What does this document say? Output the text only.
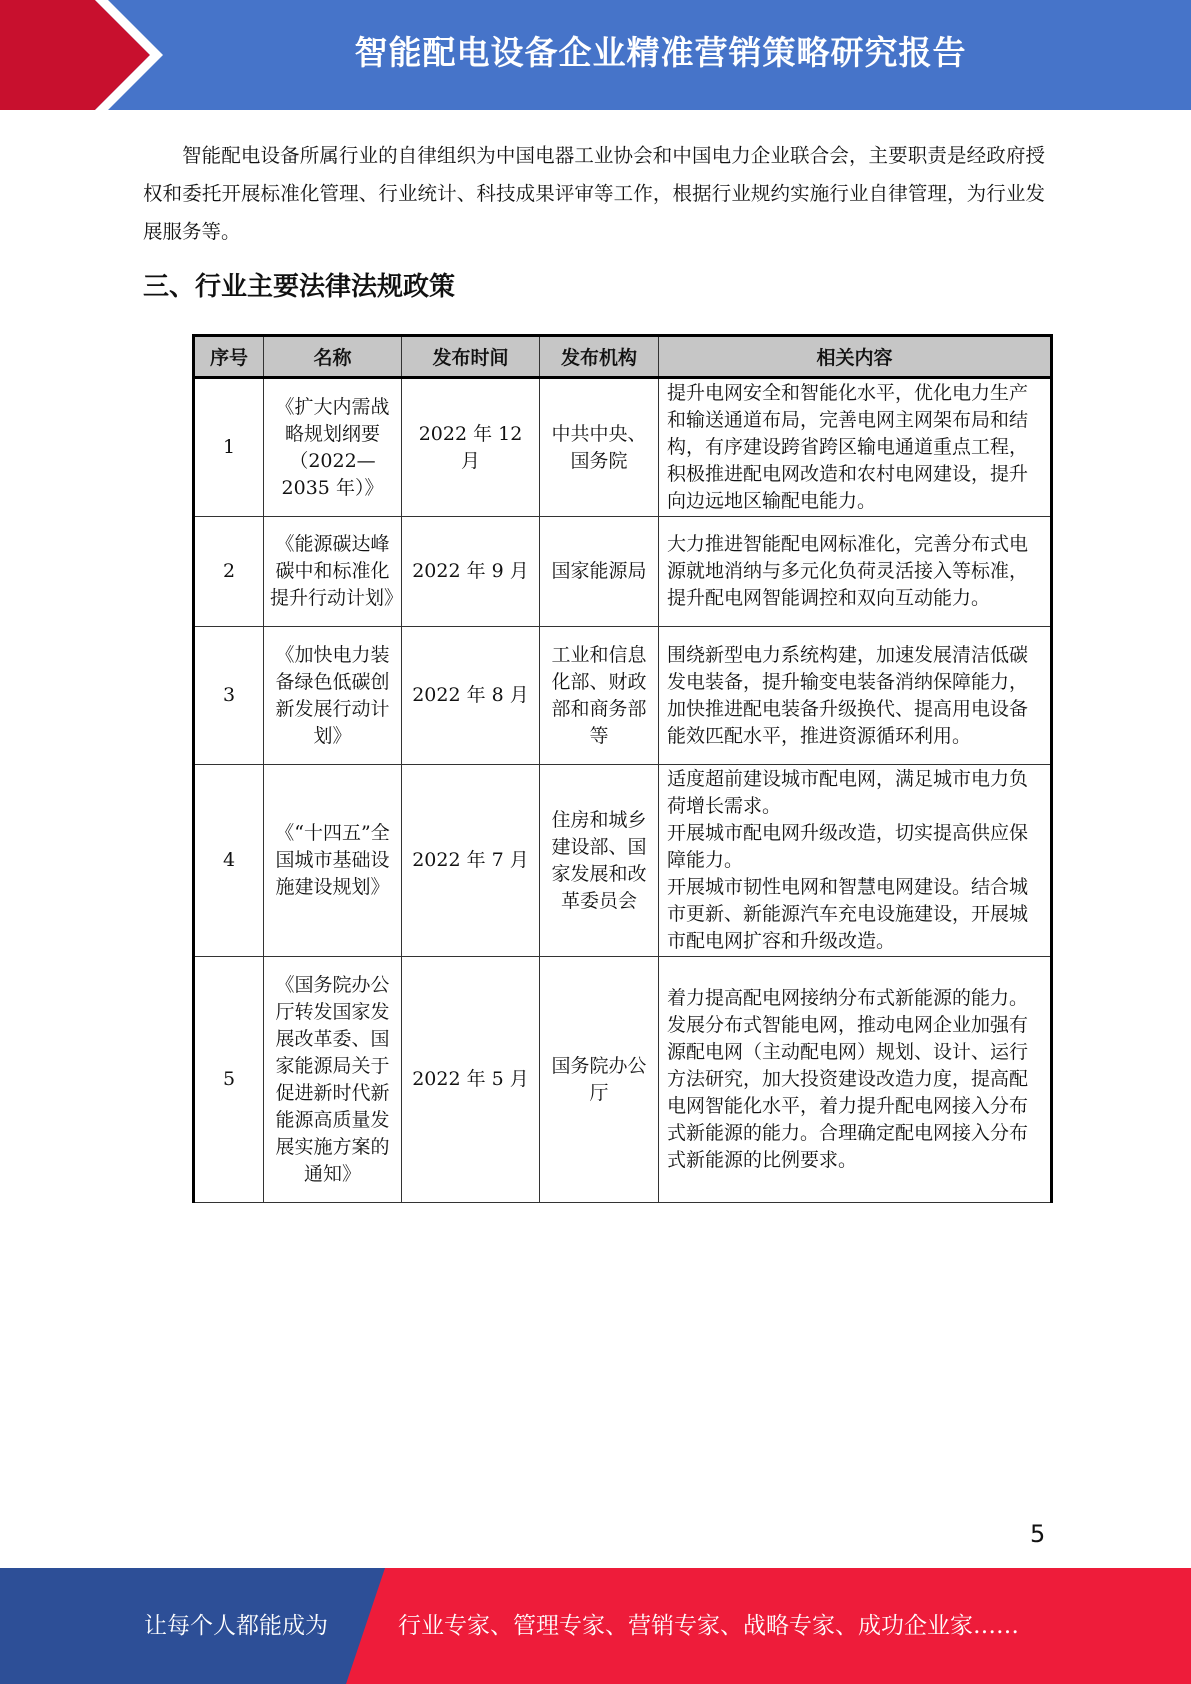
智能配电设备企业精准营销策略研究报告

智能配电设备所属行业的自律组织为中国电器工业协会和中国电力企业联合会，主要职责是经政府授权和委托开展标准化管理、行业统计、科技成果评审等工作，根据行业规约实施行业自律管理，为行业发展服务等。

三、行业主要法律法规政策
序号	名称	发布时间	发布机构	相关内容
1	《扩大内需战略规划纲要（2022—2035 年）》	2022 年 12 月	中共中央、国务院	提升电网安全和智能化水平，优化电力生产和输送通道布局，完善电网主网架布局和结构，有序建设跨省跨区输电通道重点工程，积极推进配电网改造和农村电网建设，提升向边远地区输配电能力。

2	《能源碳达峰碳中和标准化提升行动计划》	2022 年 9 月	国家能源局	大力推进智能配电网标准化，完善分布式电源就地消纳与多元化负荷灵活接入等标准，提升配电网智能调控和双向互动能力。

3	《加快电力装备绿色低碳创新发展行动计划》	2022 年 8 月	工业和信息化部、财政部和商务部等	围绕新型电力系统构建，加速发展清洁低碳发电装备，提升输变电装备消纳保障能力，加快推进配电装备升级换代、提高用电设备能效匹配水平，推进资源循环利用。

4	《“十四五”全国城市基础设施建设规划》	2022 年 7 月	住房和城乡建设部、国家发展和改革委员会	适度超前建设城市配电网，满足城市电力负荷增长需求。
开展城市配电网升级改造，切实提高供应保障能力。
开展城市韧性电网和智慧电网建设。结合城市更新、新能源汽车充电设施建设，开展城市配电网扩容和升级改造。

5	《国务院办公厅转发国家发展改革委、国家能源局关于促进新时代新能源高质量发展实施方案的通知》	2022 年 5 月	国务院办公厅	着力提高配电网接纳分布式新能源的能力。发展分布式智能电网，推动电网企业加强有源配电网（主动配电网）规划、设计、运行方法研究，加大投资建设改造力度，提高配电网智能化水平，着力提升配电网接入分布式新能源的能力。合理确定配电网接入分布式新能源的比例要求。
5
让每个人都能成为	行业专家、管理专家、营销专家、战略专家、成功企业家……
